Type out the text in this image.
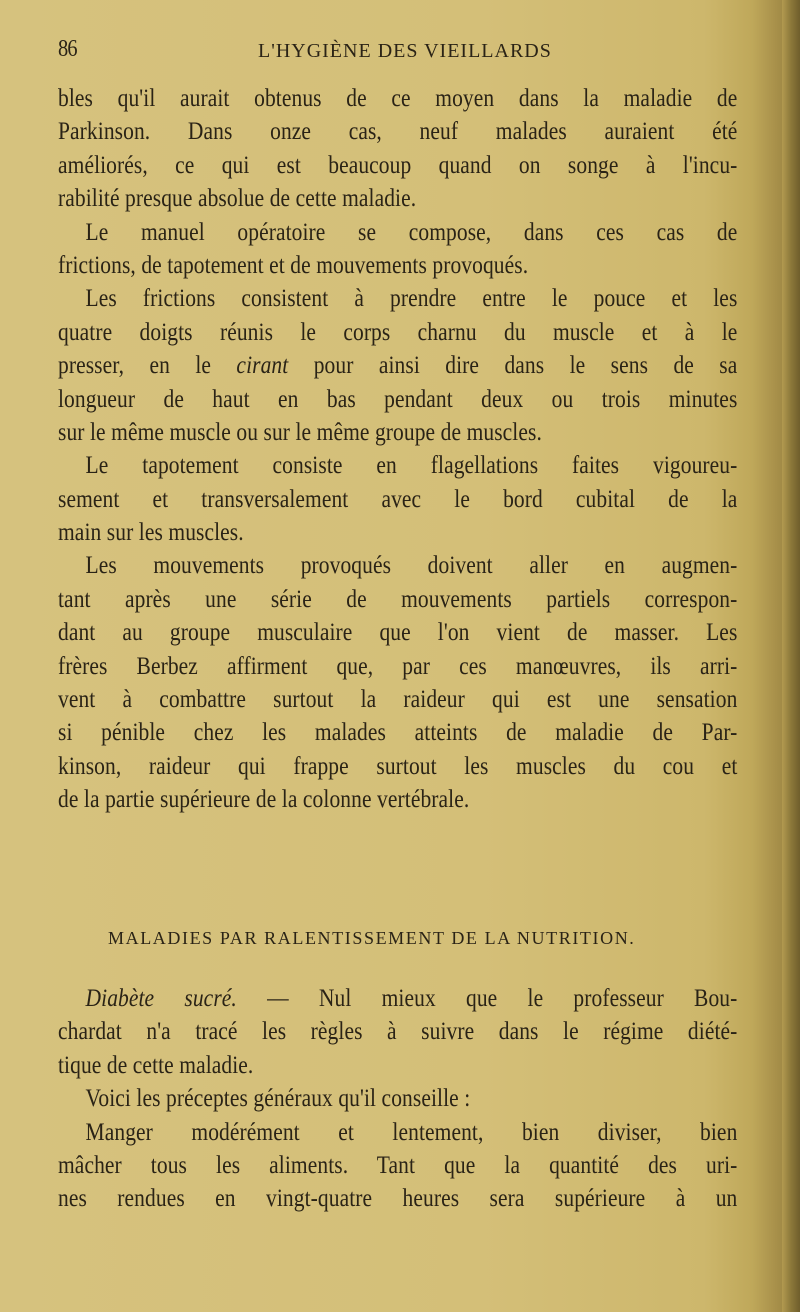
86	L'HYGIÈNE DES VIEILLARDS
bles qu'il aurait obtenus de ce moyen dans la maladie de
Parkinson. Dans onze cas, neuf malades auraient été
améliorés, ce qui est beaucoup quand on songe à l'incu-
rabilité presque absolue de cette maladie.
Le manuel opératoire se compose, dans ces cas de
frictions, de tapotement et de mouvements provoqués.
Les frictions consistent à prendre entre le pouce et les
quatre doigts réunis le corps charnu du muscle et à le
presser, en le cirant pour ainsi dire dans le sens de sa
longueur de haut en bas pendant deux ou trois minutes
sur le même muscle ou sur le même groupe de muscles.
Le tapotement consiste en flagellations faites vigoureu-
sement et transversalement avec le bord cubital de la
main sur les muscles.
Les mouvements provoqués doivent aller en augmen-
tant après une série de mouvements partiels correspon-
dant au groupe musculaire que l'on vient de masser. Les
frères Berbez affirment que, par ces manœuvres, ils arri-
vent à combattre surtout la raideur qui est une sensation
si pénible chez les malades atteints de maladie de Par-
kinson, raideur qui frappe surtout les muscles du cou et
de la partie supérieure de la colonne vertébrale.
MALADIES PAR RALENTISSEMENT DE LA NUTRITION.
Diabète sucré. — Nul mieux que le professeur Bou-
chardat n'a tracé les règles à suivre dans le régime diété-
tique de cette maladie.
Voici les préceptes généraux qu'il conseille :
Manger modérément et lentement, bien diviser, bien
mâcher tous les aliments. Tant que la quantité des uri-
nes rendues en vingt-quatre heures sera supérieure à un
